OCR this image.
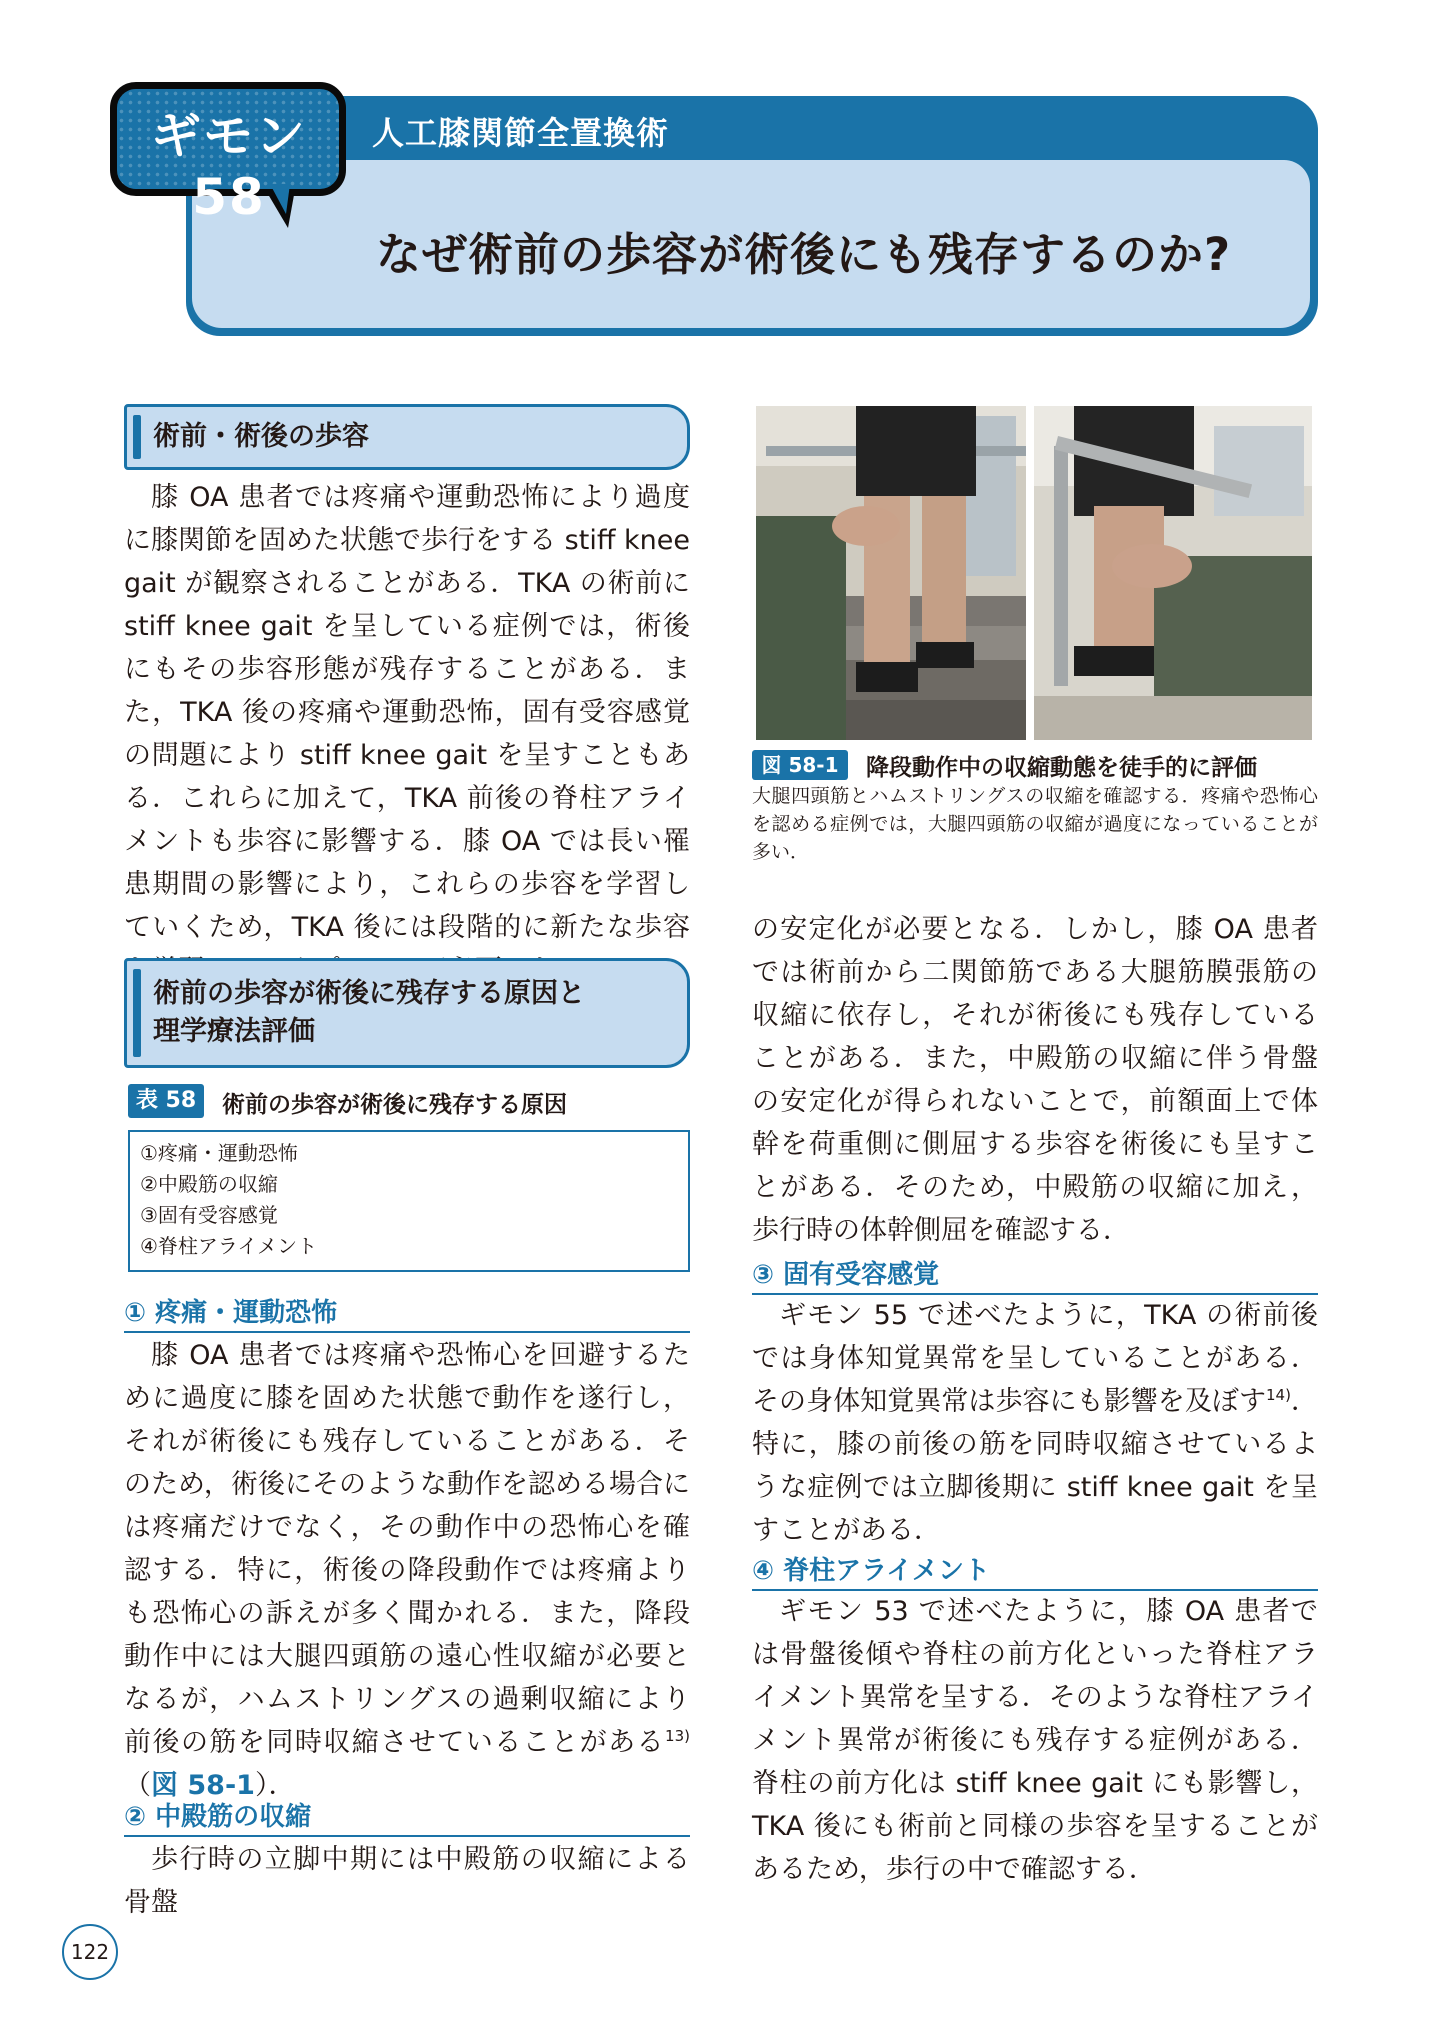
人工膝関節全置換術
なぜ術前の歩容が術後にも残存するのか?
ギモン58
術前・術後の歩容

膝 OA 患者では疼痛や運動恐怖により過度に膝関節を固めた状態で歩行をする stiff knee gait が観察されることがある．TKA の術前に stiff knee gait を呈している症例では，術後にもその歩容形態が残存することがある．また，TKA 後の疼痛や運動恐怖，固有受容感覚の問題により stiff knee gait を呈すこともある．これらに加えて，TKA 前後の脊柱アライメントも歩容に影響する．膝 OA では長い罹患期間の影響により，これらの歩容を学習していくため，TKA 後には段階的に新たな歩容

術前の歩容が術後に残存する原因と
理学療法評価
表 58	術前の歩容が術後に残存する原因
①疼痛・運動恐怖
②中殿筋の収縮
③固有受容感覚
④脊柱アライメント
① 疼痛・運動恐怖

膝 OA 患者では疼痛や恐怖心を回避するために過度に膝を固めた状態で動作を遂行し，それが術後にも残存していることがある．そのため，術後にそのような動作を認める場合には疼痛だけでなく，その動作中の恐怖心を確認する．特に，術後の降段動作では疼痛よりも恐怖心の訴えが多く聞かれる．また，降段動作中には大腿四頭筋の遠心性収縮が必要となるが，ハムストリングスの過剰収縮により前後の筋を同時収縮させていることがある$^{13)}$（図 58-1）．

② 中殿筋の収縮

歩行時の立脚中期には中殿筋の収縮による骨盤

図 58-1	降段動作中の収縮動態を徒手的に評価

大腿四頭筋とハムストリングスの収縮を確認する．疼痛や恐怖心を認める症例では，大腿四頭筋の収縮が過度になっていることが多い．

の安定化が必要となる．しかし，膝 OA 患者では術前から二関節筋である大腿筋膜張筋の収縮に依存し，それが術後にも残存していることがある．また，中殿筋の収縮に伴う骨盤の安定化が得られないことで，前額面上で体幹を荷重側に側屈する歩容を術後にも呈すことがある．そのため，中殿筋の収縮に加え，歩行時の体幹側屈を確認する．

③ 固有受容感覚

ギモン 55 で述べたように，TKA の術前後では身体知覚異常を呈していることがある．その身体知覚異常は歩容にも影響を及ぼす$^{14)}$．特に，膝の前後の筋を同時収縮させているような症例では立脚後期に stiff knee gait を呈すことがある．

④ 脊柱アライメント

ギモン 53 で述べたように，膝 OA 患者では骨盤後傾や脊柱の前方化といった脊柱アライメント異常を呈する．そのような脊柱アライメント異常が術後にも残存する症例がある．脊柱の前方化は stiff knee gait にも影響し，TKA 後にも術前と同様の歩容を呈することがあるため，歩行の中で確認する．

122
